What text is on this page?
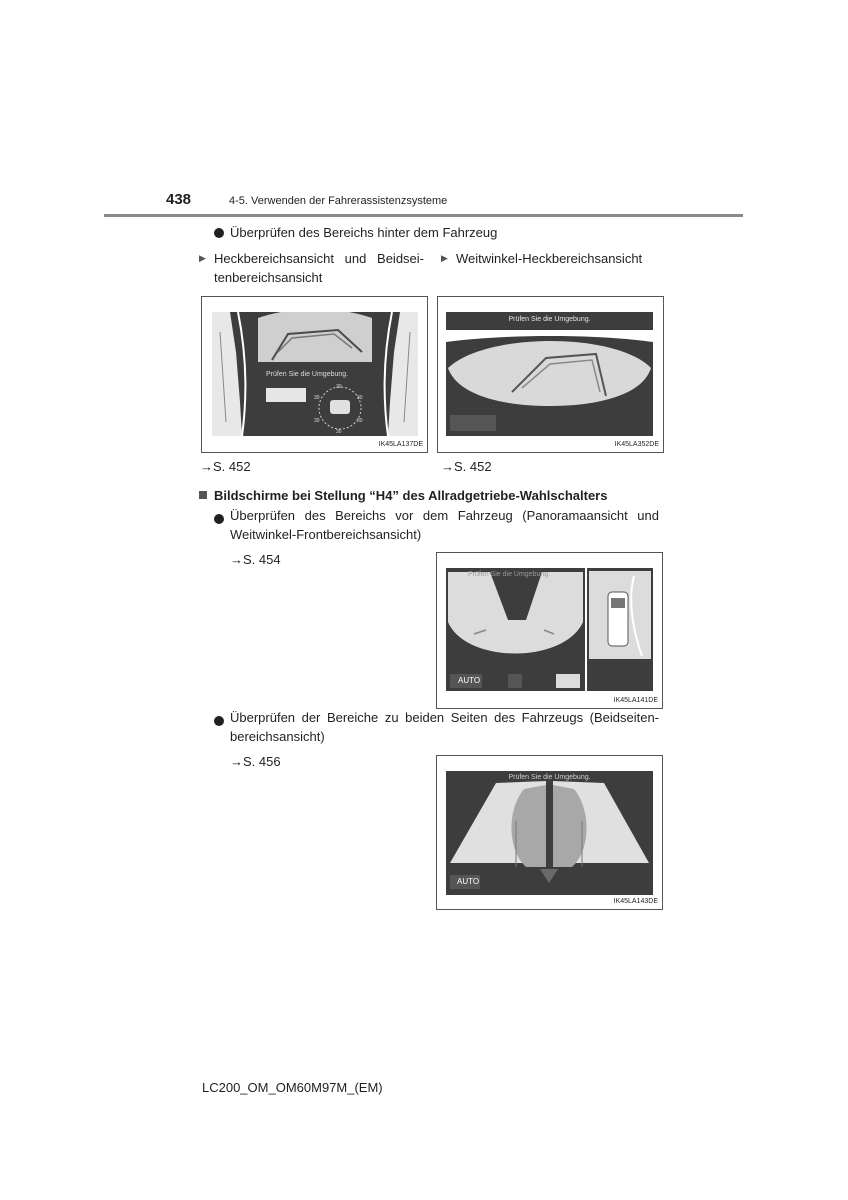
438	4-5. Verwenden der Fahrerassistenzsysteme
Überprüfen des Bereichs hinter dem Fahrzeug
▶ Heckbereichsansicht und Beidsei-
tenbereichsansicht
▶ Weitwinkel-Heckbereichsansicht
Prüfen Sie die Umgebung.
30
30
30	30
30	30
IK45LA137DE
Prüfen Sie die Umgebung.
IK45LA352DE
→S. 452	→S. 452
Bildschirme bei Stellung “H4” des Allradgetriebe-Wahlschalters
Überprüfen des Bereichs vor dem Fahrzeug (Panoramaansicht und
Weitwinkel-Frontbereichsansicht)
→S. 454
Prüfen Sie die Umgebung.
AUTO
IK45LA141DE
Überprüfen der Bereiche zu beiden Seiten des Fahrzeugs (Beidseiten-
bereichsansicht)
→S. 456
Prüfen Sie die Umgebung.
AUTO
IK45LA143DE
LC200_OM_OM60M97M_(EM)
